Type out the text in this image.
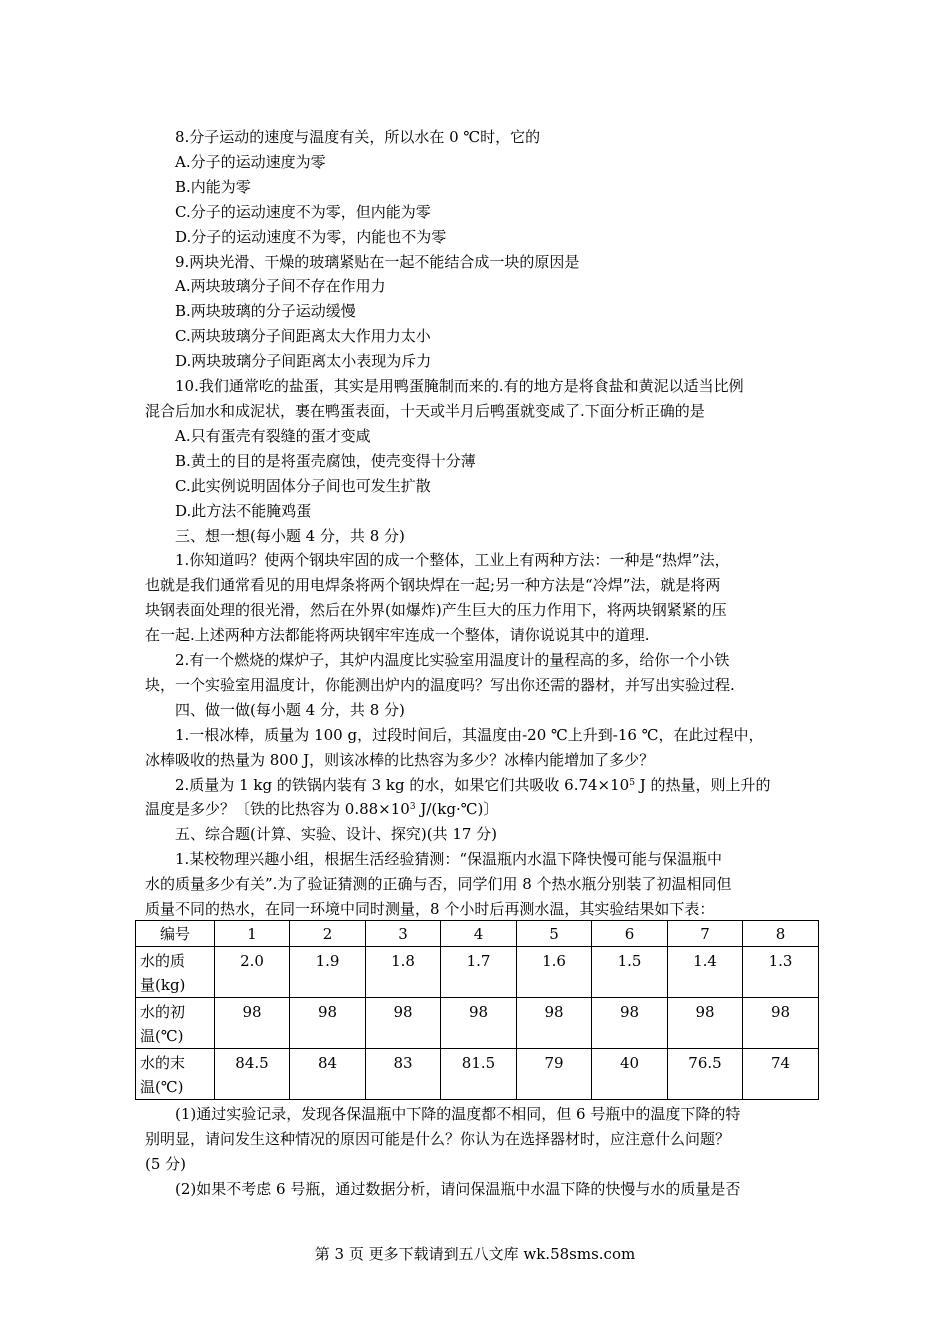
8.分子运动的速度与温度有关，所以水在 0 ℃时，它的
A.分子的运动速度为零
B.内能为零
C.分子的运动速度不为零，但内能为零
D.分子的运动速度不为零，内能也不为零
9.两块光滑、干燥的玻璃紧贴在一起不能结合成一块的原因是
A.两块玻璃分子间不存在作用力
B.两块玻璃的分子运动缓慢
C.两块玻璃分子间距离太大作用力太小
D.两块玻璃分子间距离太小表现为斥力
10.我们通常吃的盐蛋，其实是用鸭蛋腌制而来的.有的地方是将食盐和黄泥以适当比例
混合后加水和成泥状，裹在鸭蛋表面，十天或半月后鸭蛋就变咸了.下面分析正确的是
A.只有蛋壳有裂缝的蛋才变咸
B.黄土的目的是将蛋壳腐蚀，使壳变得十分薄
C.此实例说明固体分子间也可发生扩散
D.此方法不能腌鸡蛋
三、想一想(每小题 4 分，共 8 分)
1.你知道吗？使两个钢块牢固的成一个整体，工业上有两种方法：一种是“热焊”法，
也就是我们通常看见的用电焊条将两个钢块焊在一起;另一种方法是“冷焊”法，就是将两
块钢表面处理的很光滑，然后在外界(如爆炸)产生巨大的压力作用下，将两块钢紧紧的压
在一起.上述两种方法都能将两块钢牢牢连成一个整体，请你说说其中的道理.
2.有一个燃烧的煤炉子，其炉内温度比实验室用温度计的量程高的多，给你一个小铁
块，一个实验室用温度计，你能测出炉内的温度吗？写出你还需的器材，并写出实验过程.
四、做一做(每小题 4 分，共 8 分)
1.一根冰棒，质量为 100 g，过段时间后，其温度由-20 ℃上升到-16 ℃，在此过程中，
冰棒吸收的热量为 800 J，则该冰棒的比热容为多少？冰棒内能增加了多少？
2.质量为 1 kg 的铁锅内装有 3 kg 的水，如果它们共吸收 $6.74\times 10^5$ J 的热量，则上升的
温度是多少？〔铁的比热容为 $0.88\times 10^3$ J/(kg·℃)〕
五、综合题(计算、实验、设计、探究)(共 17 分)
1.某校物理兴趣小组，根据生活经验猜测：“保温瓶内水温下降快慢可能与保温瓶中
水的质量多少有关”.为了验证猜测的正确与否，同学们用 8 个热水瓶分别装了初温相同但
质量不同的热水，在同一环境中同时测量，8 个小时后再测水温，其实验结果如下表：
编号	1	2	3	4	5	6	7	8
水的质
量(kg)	2.0	1.9	1.8	1.7	1.6	1.5	1.4	1.3
水的初
温(℃)	98	98	98	98	98	98	98	98
水的末
温(℃)	84.5	84	83	81.5	79	40	76.5	74
(1)通过实验记录，发现各保温瓶中下降的温度都不相同，但 6 号瓶中的温度下降的特
别明显，请问发生这种情况的原因可能是什么？你认为在选择器材时，应注意什么问题？
(5 分)
(2)如果不考虑 6 号瓶，通过数据分析，请问保温瓶中水温下降的快慢与水的质量是否
第 3 页 更多下载请到五八文库 wk.58sms.com
